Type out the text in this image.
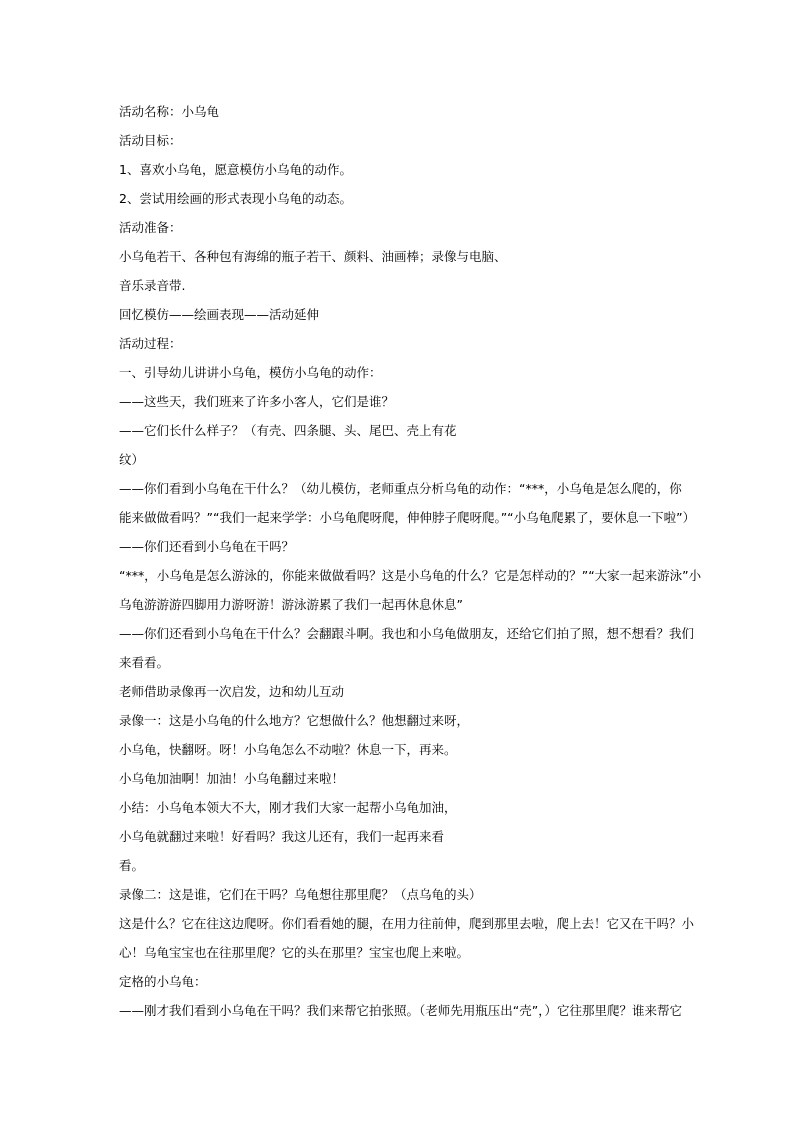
活动名称：小乌龟
活动目标：
1、喜欢小乌龟，愿意模仿小乌龟的动作。
2、尝试用绘画的形式表现小乌龟的动态。
活动准备：
小乌龟若干、各种包有海绵的瓶子若干、颜料、油画棒；录像与电脑、
音乐录音带.
回忆模仿——绘画表现——活动延伸
活动过程：
一、引导幼儿讲讲小乌龟，模仿小乌龟的动作：
——这些天，我们班来了许多小客人，它们是谁？
——它们长什么样子？（有壳、四条腿、头、尾巴、壳上有花
纹）
——你们看到小乌龟在干什么？（幼儿模仿，老师重点分析乌龟的动作：“***，小乌龟是怎么爬的，你
能来做做看吗？”“我们一起来学学：小乌龟爬呀爬，伸伸脖子爬呀爬。”“小乌龟爬累了，要休息一下啦”）
——你们还看到小乌龟在干吗？
“***，小乌龟是怎么游泳的，你能来做做看吗？这是小乌龟的什么？它是怎样动的？”“大家一起来游泳”小
乌龟游游游四脚用力游呀游！游泳游累了我们一起再休息休息”
——你们还看到小乌龟在干什么？会翻跟斗啊。我也和小乌龟做朋友，还给它们拍了照，想不想看？我们
来看看。
老师借助录像再一次启发，边和幼儿互动
录像一：这是小乌龟的什么地方？它想做什么？他想翻过来呀，
小乌龟，快翻呀。呀！小乌龟怎么不动啦？休息一下，再来。
小乌龟加油啊！加油！小乌龟翻过来啦！
小结：小乌龟本领大不大，刚才我们大家一起帮小乌龟加油，
小乌龟就翻过来啦！好看吗？我这儿还有，我们一起再来看
看。
录像二：这是谁，它们在干吗？乌龟想往那里爬？（点乌龟的头）
这是什么？它在往这边爬呀。你们看看她的腿，在用力往前伸，爬到那里去啦，爬上去！它又在干吗？小
心！乌龟宝宝也在往那里爬？它的头在那里？宝宝也爬上来啦。
定格的小乌龟：
——刚才我们看到小乌龟在干吗？我们来帮它拍张照。（老师先用瓶压出“壳”，）它往那里爬？谁来帮它
